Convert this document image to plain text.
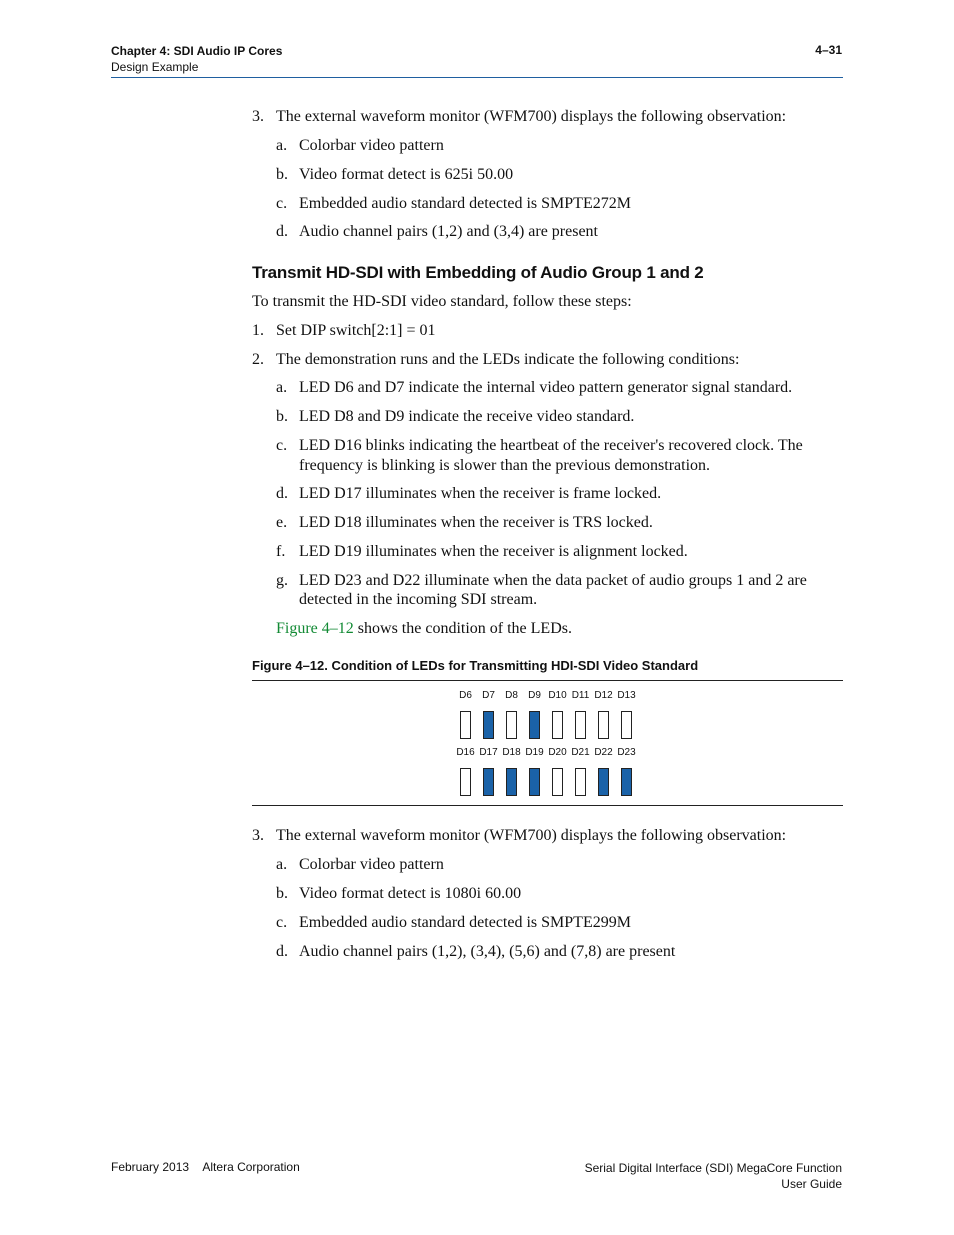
Chapter 4: SDI Audio IP Cores
Design Example
4–31
3. The external waveform monitor (WFM700) displays the following observation:
a. Colorbar video pattern
b. Video format detect is 625i 50.00
c. Embedded audio standard detected is SMPTE272M
d. Audio channel pairs (1,2) and (3,4) are present
Transmit HD-SDI with Embedding of Audio Group 1 and 2
To transmit the HD-SDI video standard, follow these steps:
1. Set DIP switch[2:1] = 01
2. The demonstration runs and the LEDs indicate the following conditions:
a. LED D6 and D7 indicate the internal video pattern generator signal standard.
b. LED D8 and D9 indicate the receive video standard.
c. LED D16 blinks indicating the heartbeat of the receiver's recovered clock. The
frequency is blinking is slower than the previous demonstration.
d. LED D17 illuminates when the receiver is frame locked.
e. LED D18 illuminates when the receiver is TRS locked.
f. LED D19 illuminates when the receiver is alignment locked.
g. LED D23 and D22 illuminate when the data packet of audio groups 1 and 2 are
detected in the incoming SDI stream.
Figure 4–12 shows the condition of the LEDs.
Figure 4–12. Condition of LEDs for Transmitting HDI-SDI Video Standard
D6 D7 D8 D9 D10 D11 D12 D13
D16 D17 D18 D19 D20 D21 D22 D23
3. The external waveform monitor (WFM700) displays the following observation:
a. Colorbar video pattern
b. Video format detect is 1080i 60.00
c. Embedded audio standard detected is SMPTE299M
d. Audio channel pairs (1,2), (3,4), (5,6) and (7,8) are present
February 2013 Altera Corporation	Serial Digital Interface (SDI) MegaCore Function
User Guide
